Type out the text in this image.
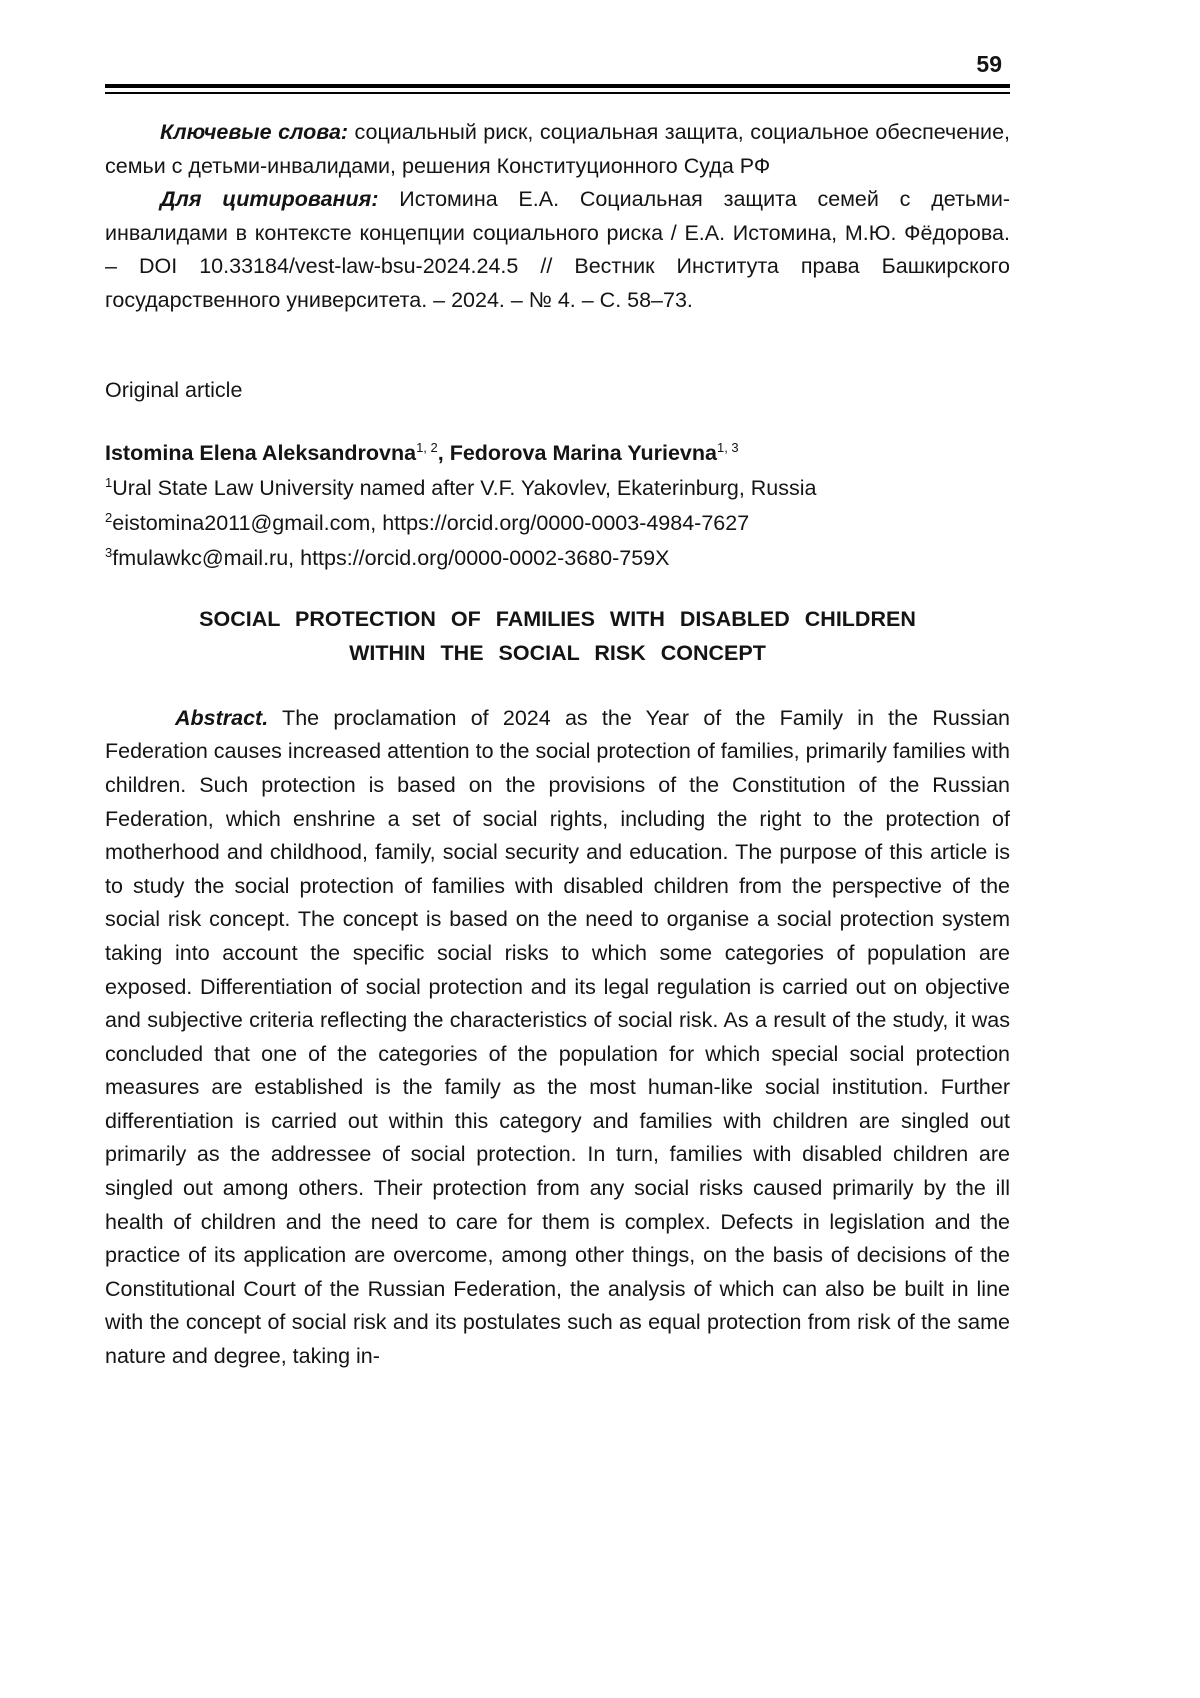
59

Ключевые слова: социальный риск, социальная защита, социальное обеспечение, семьи с детьми-инвалидами, решения Конституционного Суда РФ

Для цитирования: Истомина Е.А. Социальная защита семей с детьми-инвалидами в контексте концепции социального риска / Е.А. Истомина, М.Ю. Фёдорова. – DOI 10.33184/vest-law-bsu-2024.24.5 // Вестник Института права Башкирского государственного университета. – 2024. – № 4. – С. 58–73.

Original article

Istomina Elena Aleksandrovna$^{1, 2}$, Fedorova Marina Yurievna$^{1, 3}$

$^1$Ural State Law University named after V.F. Yakovlev, Ekaterinburg, Russia

$^2$eistomina2011@gmail.com, https://orcid.org/0000-0003-4984-7627

$^3$fmulawkc@mail.ru, https://orcid.org/0000-0002-3680-759X

SOCIAL PROTECTION OF FAMILIES WITH DISABLED CHILDREN
WITHIN THE SOCIAL RISK CONCEPT

Abstract. The proclamation of 2024 as the Year of the Family in the Russian Federation causes increased attention to the social protection of families, primarily families with children. Such protection is based on the provisions of the Constitution of the Russian Federation, which enshrine a set of social rights, including the right to the protection of motherhood and childhood, family, social security and education. The purpose of this article is to study the social protection of families with disabled children from the perspective of the social risk concept. The concept is based on the need to organise a social protection system taking into account the specific social risks to which some categories of population are exposed. Differentiation of social protection and its legal regulation is carried out on objective and subjective criteria reflecting the characteristics of social risk. As a result of the study, it was concluded that one of the categories of the population for which special social protection measures are established is the family as the most human-like social institution. Further differentiation is carried out within this category and families with children are singled out primarily as the addressee of social protection. In turn, families with disabled children are singled out among others. Their protection from any social risks caused primarily by the ill health of children and the need to care for them is complex. Defects in legislation and the practice of its application are overcome, among other things, on the basis of decisions of the Constitutional Court of the Russian Federation, the analysis of which can also be built in line with the concept of social risk and its postulates such as equal protection from risk of the same nature and degree, taking in-
